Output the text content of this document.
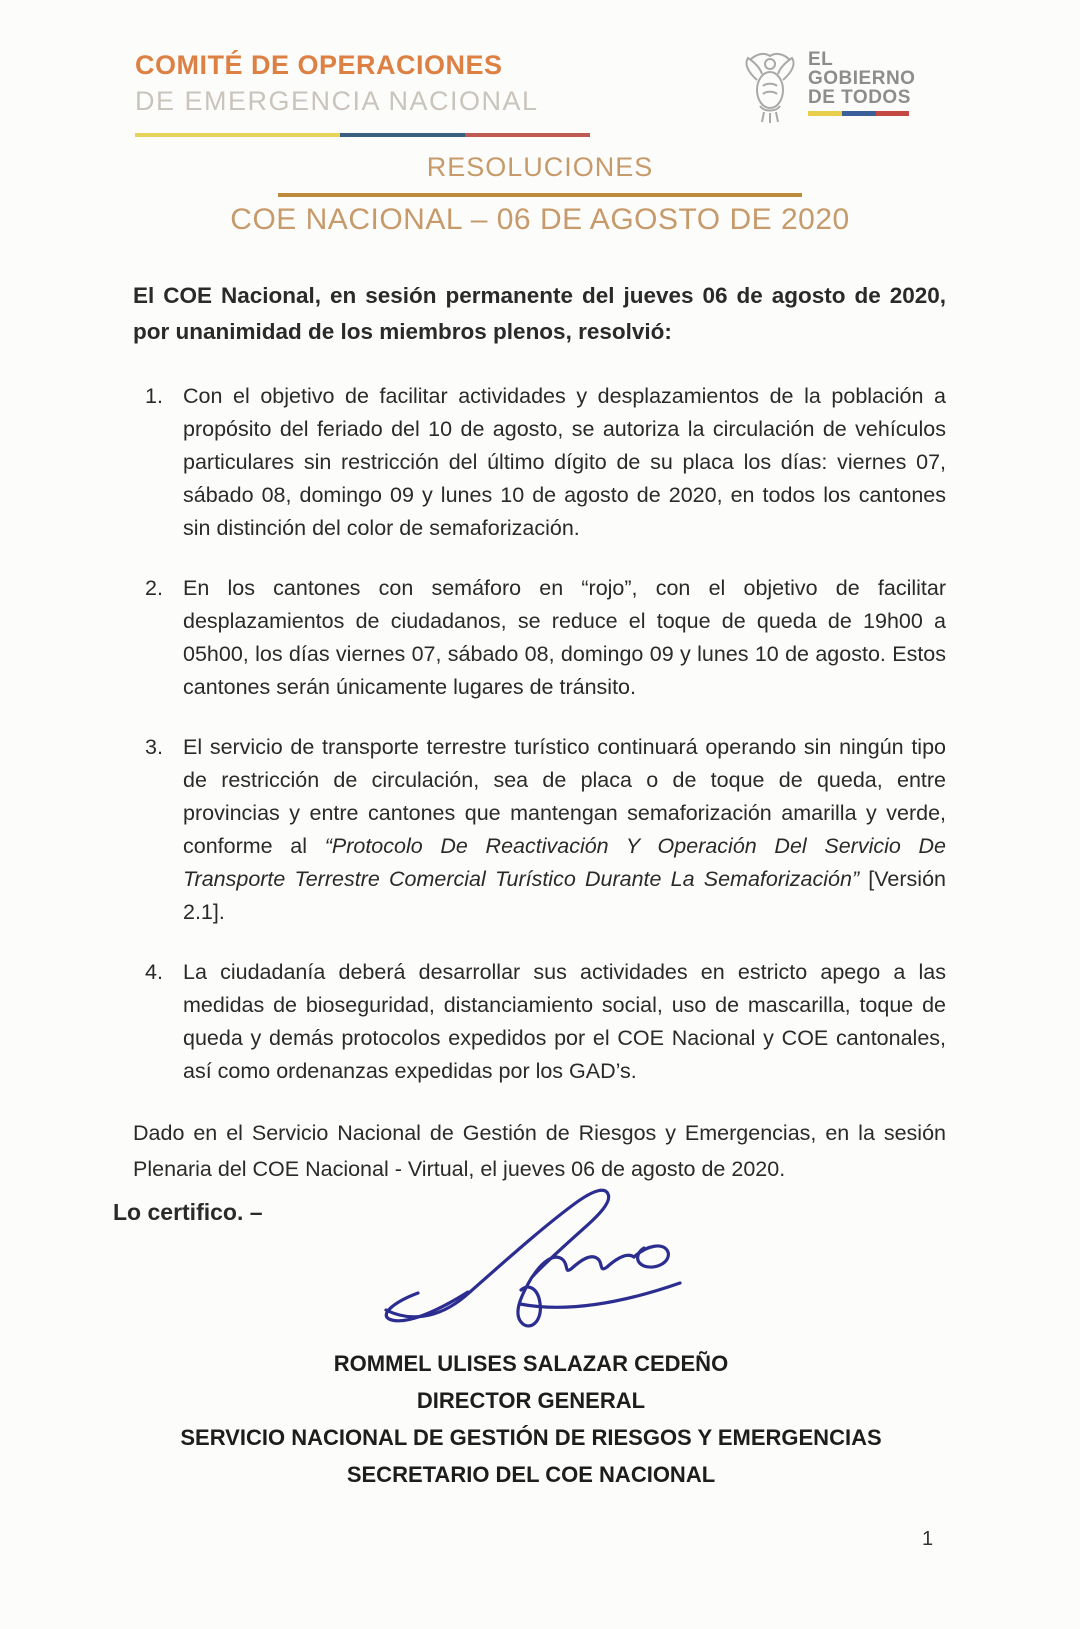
COMITÉ DE OPERACIONES
DE EMERGENCIA NACIONAL
EL
GOBIERNO
DE TODOS
RESOLUCIONES
COE NACIONAL – 06 DE AGOSTO DE 2020
El COE Nacional, en sesión permanente del jueves 06 de agosto de 2020, por unanimidad de los miembros plenos, resolvió:
1. Con el objetivo de facilitar actividades y desplazamientos de la población a propósito del feriado del 10 de agosto, se autoriza la circulación de vehículos particulares sin restricción del último dígito de su placa los días: viernes 07, sábado 08, domingo 09 y lunes 10 de agosto de 2020, en todos los cantones sin distinción del color de semaforización.
2. En los cantones con semáforo en “rojo”, con el objetivo de facilitar desplazamientos de ciudadanos, se reduce el toque de queda de 19h00 a 05h00, los días viernes 07, sábado 08, domingo 09 y lunes 10 de agosto. Estos cantones serán únicamente lugares de tránsito.
3. El servicio de transporte terrestre turístico continuará operando sin ningún tipo de restricción de circulación, sea de placa o de toque de queda, entre provincias y entre cantones que mantengan semaforización amarilla y verde, conforme al “Protocolo De Reactivación Y Operación Del Servicio De Transporte Terrestre Comercial Turístico Durante La Semaforización” [Versión 2.1].
4. La ciudadanía deberá desarrollar sus actividades en estricto apego a las medidas de bioseguridad, distanciamiento social, uso de mascarilla, toque de queda y demás protocolos expedidos por el COE Nacional y COE cantonales, así como ordenanzas expedidas por los GAD’s.
Dado en el Servicio Nacional de Gestión de Riesgos y Emergencias, en la sesión Plenaria del COE Nacional - Virtual, el jueves 06 de agosto de 2020.
Lo certifico. –
ROMMEL ULISES SALAZAR CEDEÑO
DIRECTOR GENERAL
SERVICIO NACIONAL DE GESTIÓN DE RIESGOS Y EMERGENCIAS
SECRETARIO DEL COE NACIONAL
1
